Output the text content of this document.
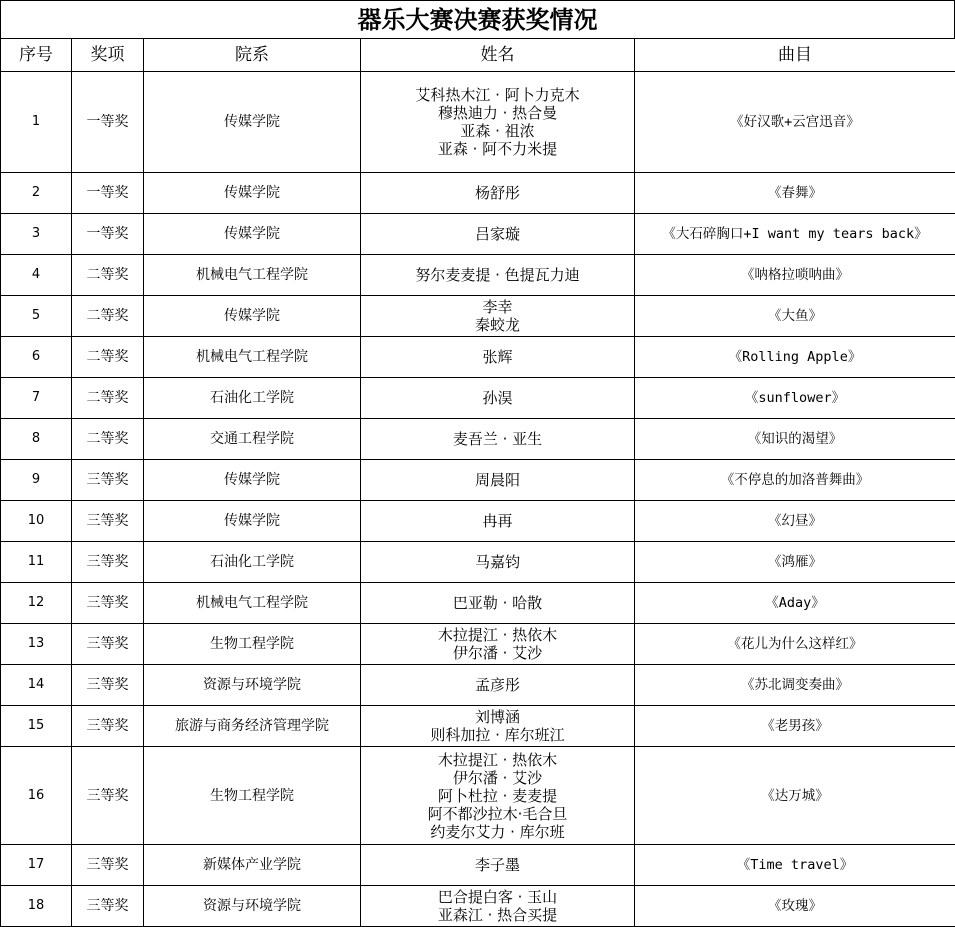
器乐大赛决赛获奖情况
序号	奖项	院系	姓名	曲目
1	一等奖	传媒学院	艾科热木江 · 阿卜力克木
穆热迪力 · 热合曼
亚森 · 祖浓
亚森 · 阿不力米提	《好汉歌+云宫迅音》
2	一等奖	传媒学院	杨舒彤	《春舞》
3	一等奖	传媒学院	吕家璇	《大石碎胸口+I want my tears back》
4	二等奖	机械电气工程学院	努尔麦麦提 · 色提瓦力迪	《呐格拉唢呐曲》
5	二等奖	传媒学院	李幸
秦蛟龙	《大鱼》
6	二等奖	机械电气工程学院	张辉	《Rolling Apple》
7	二等奖	石油化工学院	孙淏	《sunflower》
8	二等奖	交通工程学院	麦吾兰 · 亚生	《知识的渴望》
9	三等奖	传媒学院	周晨阳	《不停息的加洛普舞曲》
10	三等奖	传媒学院	冉再	《幻昼》
11	三等奖	石油化工学院	马嘉钧	《鸿雁》
12	三等奖	机械电气工程学院	巴亚勒 · 哈散	《Aday》
13	三等奖	生物工程学院	木拉提江 · 热依木
伊尔潘 · 艾沙	《花儿为什么这样红》
14	三等奖	资源与环境学院	孟彦彤	《苏北调变奏曲》
15	三等奖	旅游与商务经济管理学院	刘博涵
则科加拉 · 库尔班江	《老男孩》
16	三等奖	生物工程学院	木拉提江 · 热依木
伊尔潘 · 艾沙
阿卜杜拉 · 麦麦提
阿不都沙拉木·毛合旦
约麦尔艾力 · 库尔班	《达万城》
17	三等奖	新媒体产业学院	李子墨	《Time travel》
18	三等奖	资源与环境学院	巴合提白客 · 玉山
亚森江 · 热合买提	《玫瑰》
